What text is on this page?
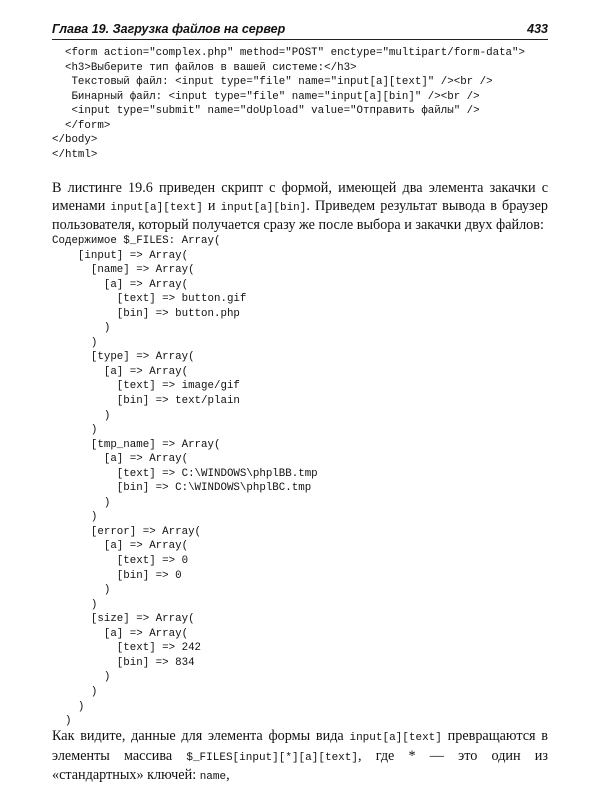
Глава 19. Загрузка файлов на сервер	433
<form action="complex.php" method="POST" enctype="multipart/form-data">
<h3>Выберите тип файлов в вашей системе:</h3>
Текстовый файл: <input type="file" name="input[a][text]" /><br />
Бинарный файл: <input type="file" name="input[a][bin]" /><br />
<input type="submit" name="doUpload" value="Отправить файлы" />
</form>
</body>
</html>

В листинге 19.6 приведен скрипт с формой, имеющей два элемента закачки с именами input[a][text] и input[a][bin]. Приведем результат вывода в браузер пользователя, который получается сразу же после выбора и закачки двух файлов:

Содержимое $_FILES: Array(
[input] => Array(
[name] => Array(
[a] => Array(
[text] => button.gif
[bin] => button.php
)
)
[type] => Array(
[a] => Array(
[text] => image/gif
[bin] => text/plain
)
)
[tmp_name] => Array(
[a] => Array(
[text] => C:\WINDOWS\phplBB.tmp
[bin] => C:\WINDOWS\phplBC.tmp
)
)
[error] => Array(
[a] => Array(
[text] => 0
[bin] => 0
)
)
[size] => Array(
[a] => Array(
[text] => 242
[bin] => 834
)
)
)
)

Как видите, данные для элемента формы вида input[a][text] превращаются в элементы массива $_FILES[input][*][a][text], где * — это один из «стандартных» ключей: name,
